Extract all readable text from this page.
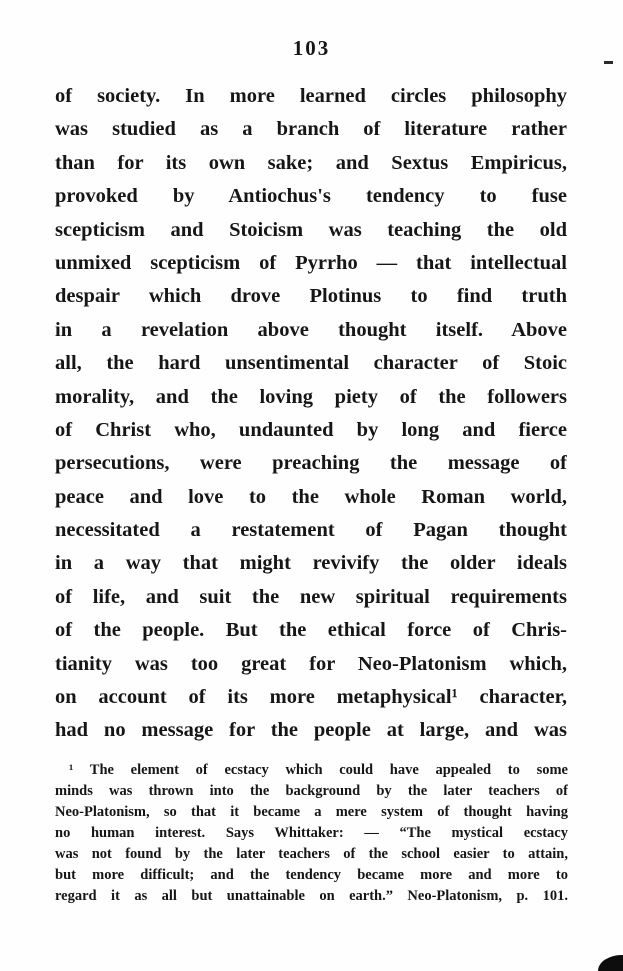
103
of society. In more learned circles philosophy
was studied as a branch of literature rather
than for its own sake; and Sextus Empiricus,
provoked by Antiochus's tendency to fuse
scepticism and Stoicism was teaching the old
unmixed scepticism of Pyrrho — that intellectual
despair which drove Plotinus to find truth
in a revelation above thought itself. Above
all, the hard unsentimental character of Stoic
morality, and the loving piety of the followers
of Christ who, undaunted by long and fierce
persecutions, were preaching the message of
peace and love to the whole Roman world,
necessitated a restatement of Pagan thought
in a way that might revivify the older ideals
of life, and suit the new spiritual requirements
of the people. But the ethical force of Chris-
tianity was too great for Neo-Platonism which,
on account of its more metaphysical¹ character,
had no message for the people at large, and was
¹ The element of ecstacy which could have appealed to some
minds was thrown into the background by the later teachers of
Neo-Platonism, so that it became a mere system of thought having
no human interest. Says Whittaker: — “The mystical ecstacy
was not found by the later teachers of the school easier to attain,
but more difficult; and the tendency became more and more to
regard it as all but unattainable on earth.” Neo-Platonism, p. 101.
